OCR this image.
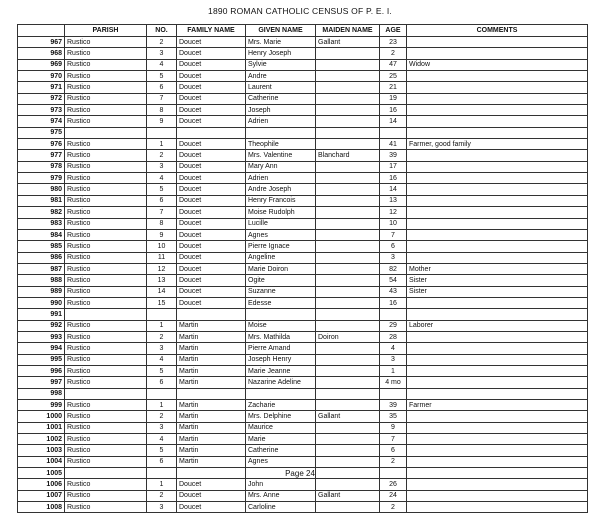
1890 ROMAN CATHOLIC CENSUS OF P. E. I.
	PARISH	NO.	FAMILY NAME	GIVEN NAME	MAIDEN NAME	AGE	COMMENTS
967	Rustico	2	Doucet	Mrs. Marie	Gallant	23	
968	Rustico	3	Doucet	Henry Joseph		2	
969	Rustico	4	Doucet	Sylvie		47	Widow
970	Rustico	5	Doucet	Andre		25	
971	Rustico	6	Doucet	Laurent		21	
972	Rustico	7	Doucet	Catherine		19	
973	Rustico	8	Doucet	Joseph		16	
974	Rustico	9	Doucet	Adrien		14	
975							
976	Rustico	1	Doucet	Theophile		41	Farmer, good family
977	Rustico	2	Doucet	Mrs. Valentine	Blanchard	39	
978	Rustico	3	Doucet	Mary Ann		17	
979	Rustico	4	Doucet	Adrien		16	
980	Rustico	5	Doucet	Andre Joseph		14	
981	Rustico	6	Doucet	Henry Francois		13	
982	Rustico	7	Doucet	Moise Rudolph		12	
983	Rustico	8	Doucet	Lucille		10	
984	Rustico	9	Doucet	Agnes		7	
985	Rustico	10	Doucet	Pierre Ignace		6	
986	Rustico	11	Doucet	Angeline		3	
987	Rustico	12	Doucet	Marie Doiron		82	Mother
988	Rustico	13	Doucet	Ogite		54	Sister
989	Rustico	14	Doucet	Suzanne		43	Sister
990	Rustico	15	Doucet	Edesse		16	
991							
992	Rustico	1	Martin	Moise		29	Laborer
993	Rustico	2	Martin	Mrs. Mathilda	Doiron	28	
994	Rustico	3	Martin	Pierre Amand		4	
995	Rustico	4	Martin	Joseph Henry		3	
996	Rustico	5	Martin	Marie Jeanne		1	
997	Rustico	6	Martin	Nazarine Adeline		4 mo	
998							
999	Rustico	1	Martin	Zacharie		39	Farmer
1000	Rustico	2	Martin	Mrs. Delphine	Gallant	35	
1001	Rustico	3	Martin	Maurice		9	
1002	Rustico	4	Martin	Marie		7	
1003	Rustico	5	Martin	Catherine		6	
1004	Rustico	6	Martin	Agnes		2	
1005							
1006	Rustico	1	Doucet	John		26	
1007	Rustico	2	Doucet	Mrs. Anne	Gallant	24	
1008	Rustico	3	Doucet	Carloline		2	
Page 24
